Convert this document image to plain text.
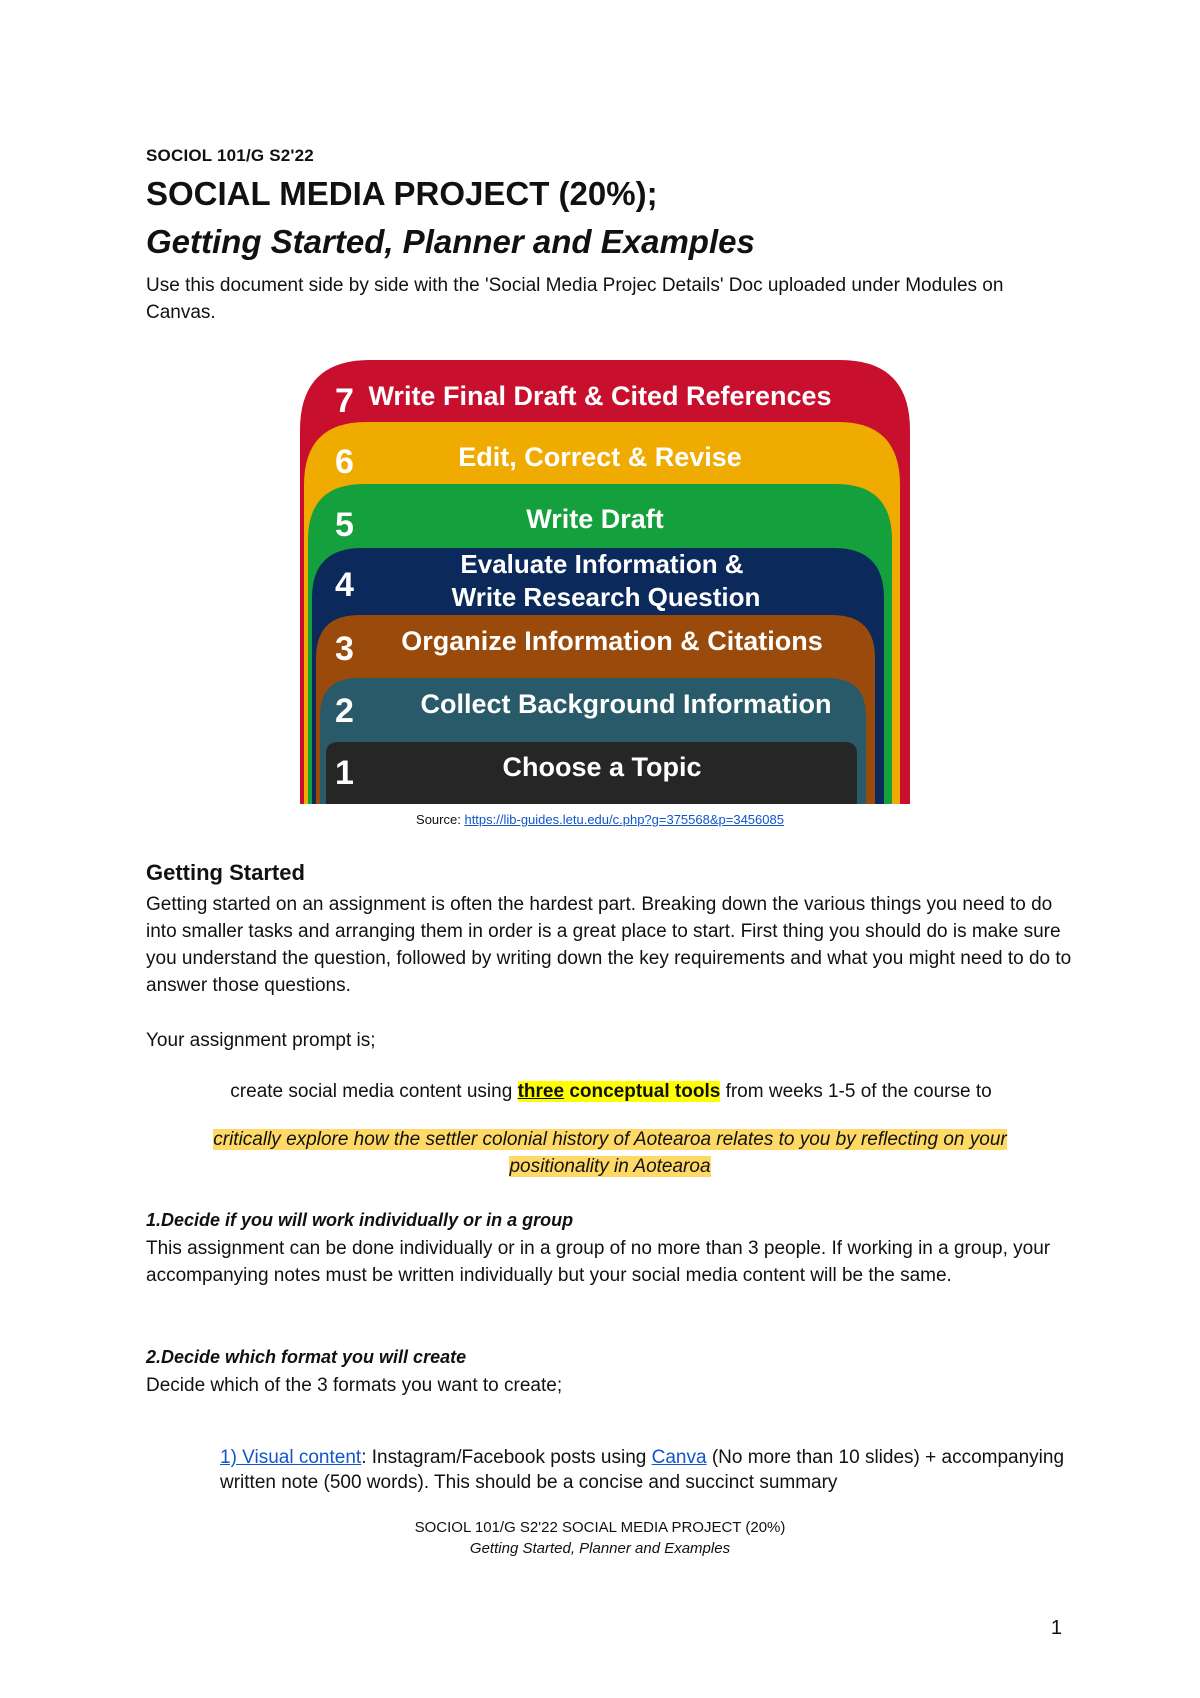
SOCIOL 101/G S2'22
SOCIAL MEDIA PROJECT (20%);
Getting Started, Planner and Examples
Use this document side by side with the 'Social Media Projec Details' Doc uploaded under Modules on Canvas.
7 Write Final Draft & Cited References
6	Edit, Correct & Revise
5	Write Draft
4
Evaluate Information &
Write Research Question
3 Organize Information & Citations
2 Collect Background Information
1	Choose a Topic
Source: https://lib-guides.letu.edu/c.php?g=375568&p=3456085
Getting Started
Getting started on an assignment is often the hardest part. Breaking down the various things you need to do into smaller tasks and arranging them in order is a great place to start. First thing you should do is make sure you understand the question, followed by writing down the key requirements and what you might need to do to answer those questions.
Your assignment prompt is;
create social media content using three conceptual tools from weeks 1-5 of the course to
critically explore how the settler colonial history of Aotearoa relates to you by reflecting on your positionality in Aotearoa
1.Decide if you will work individually or in a group
This assignment can be done individually or in a group of no more than 3 people. If working in a group, your accompanying notes must be written individually but your social media content will be the same.
2.Decide which format you will create
Decide which of the 3 formats you want to create;
1) Visual content: Instagram/Facebook posts using Canva (No more than 10 slides) + accompanying written note (500 words). This should be a concise and succinct summary
SOCIOL 101/G S2'22 SOCIAL MEDIA PROJECT (20%)
Getting Started, Planner and Examples
1
